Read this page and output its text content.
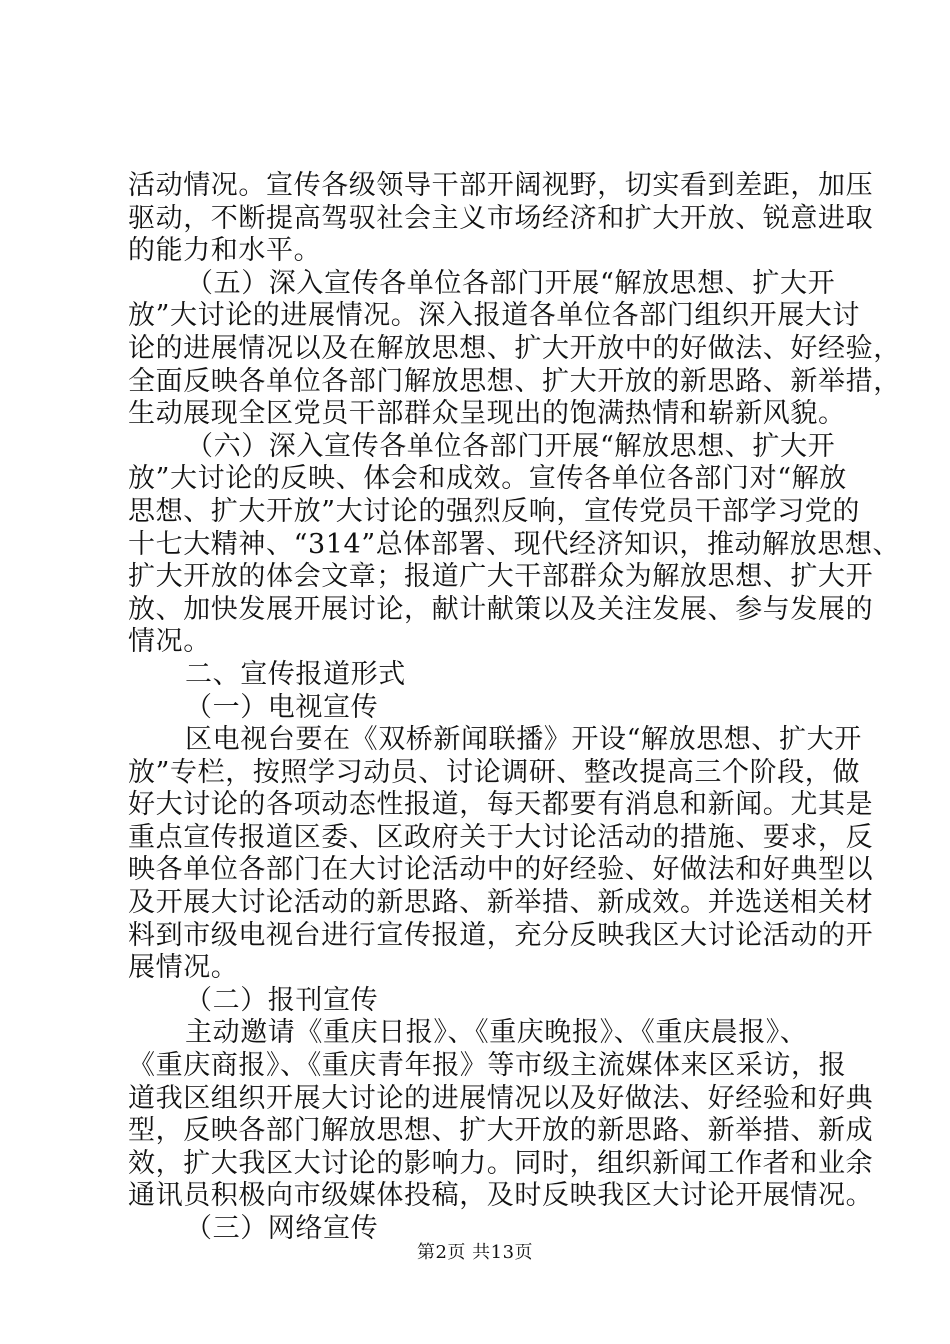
活动情况。宣传各级领导干部开阔视野，切实看到差距，加压
驱动，不断提高驾驭社会主义市场经济和扩大开放、锐意进取
的能力和水平。
（五）深入宣传各单位各部门开展“解放思想、扩大开
放”大讨论的进展情况。深入报道各单位各部门组织开展大讨
论的进展情况以及在解放思想、扩大开放中的好做法、好经验，
全面反映各单位各部门解放思想、扩大开放的新思路、新举措，
生动展现全区党员干部群众呈现出的饱满热情和崭新风貌。
（六）深入宣传各单位各部门开展“解放思想、扩大开
放”大讨论的反映、体会和成效。宣传各单位各部门对“解放
思想、扩大开放”大讨论的强烈反响，宣传党员干部学习党的
十七大精神、“314”总体部署、现代经济知识，推动解放思想、
扩大开放的体会文章；报道广大干部群众为解放思想、扩大开
放、加快发展开展讨论，献计献策以及关注发展、参与发展的
情况。
二、宣传报道形式
（一）电视宣传
区电视台要在《双桥新闻联播》开设“解放思想、扩大开
放”专栏，按照学习动员、讨论调研、整改提高三个阶段，做
好大讨论的各项动态性报道，每天都要有消息和新闻。尤其是
重点宣传报道区委、区政府关于大讨论活动的措施、要求，反
映各单位各部门在大讨论活动中的好经验、好做法和好典型以
及开展大讨论活动的新思路、新举措、新成效。并选送相关材
料到市级电视台进行宣传报道，充分反映我区大讨论活动的开
展情况。
（二）报刊宣传
主动邀请《重庆日报》、《重庆晚报》、《重庆晨报》、
《重庆商报》、《重庆青年报》等市级主流媒体来区采访，报
道我区组织开展大讨论的进展情况以及好做法、好经验和好典
型，反映各部门解放思想、扩大开放的新思路、新举措、新成
效，扩大我区大讨论的影响力。同时，组织新闻工作者和业余
通讯员积极向市级媒体投稿，及时反映我区大讨论开展情况。
（三）网络宣传
第2页 共13页
